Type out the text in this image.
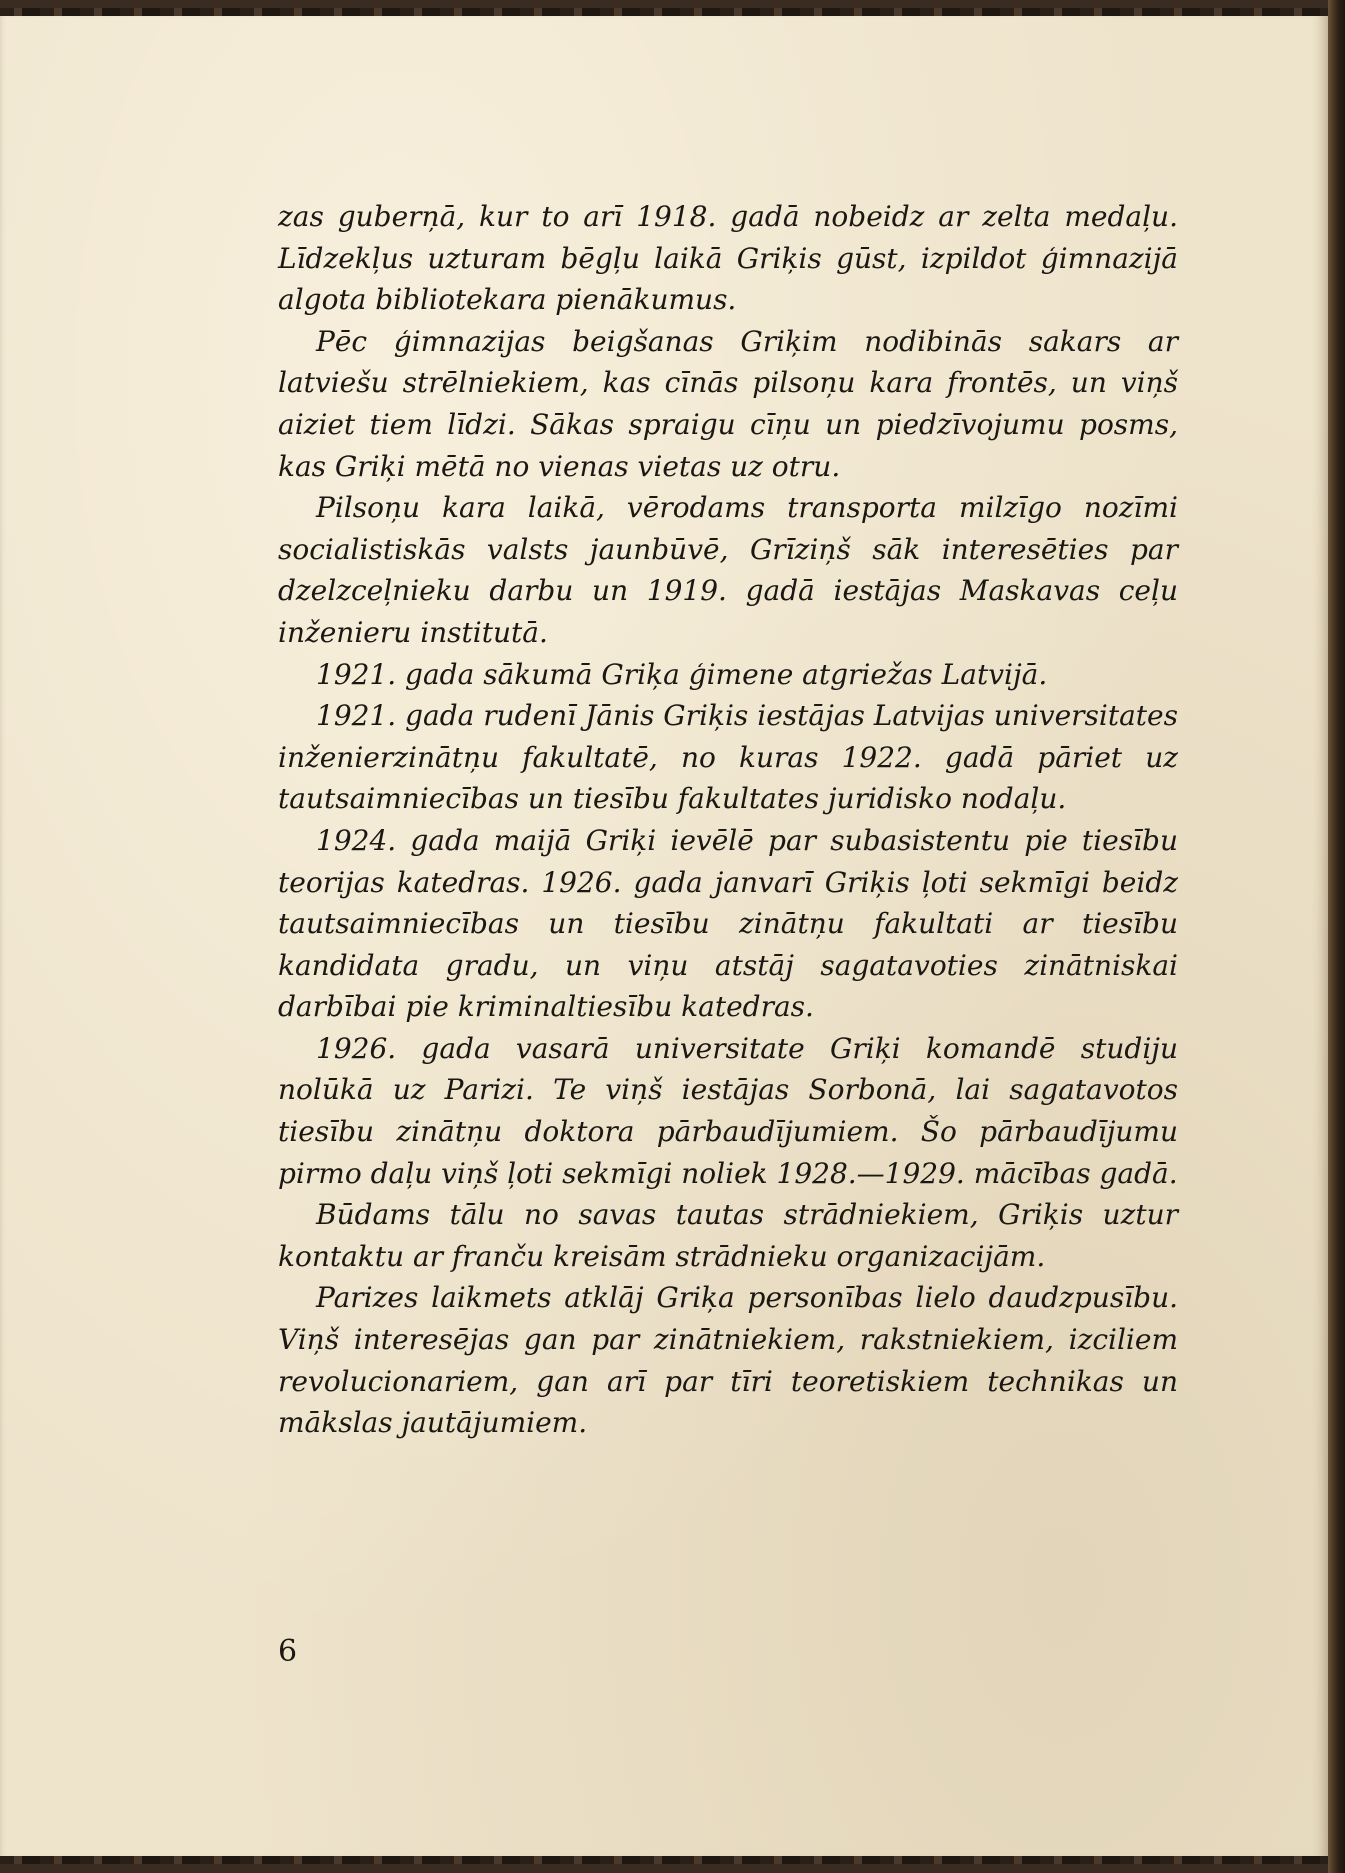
zas guberņā, kur to arī 1918. gadā nobeidz ar zelta medaļu. Līdzekļus uzturam bēgļu laikā Griķis gūst, izpildot ģimnazijā algota bibliotekara pienākumus.

Pēc ģimnazijas beigšanas Griķim nodibinās sakars ar latviešu strēlniekiem, kas cīnās pilsoņu kara frontēs, un viņš aiziet tiem līdzi. Sākas spraigu cīņu un piedzīvojumu posms, kas Griķi mētā no vienas vietas uz otru.

Pilsoņu kara laikā, vērodams transporta milzīgo nozīmi socialistiskās valsts jaunbūvē, Grīziņš sāk interesēties par dzelzceļnieku darbu un 1919. gadā iestājas Maskavas ceļu inženieru institutā.

1921. gada sākumā Griķa ģimene atgriežas Latvijā.

1921. gada rudenī Jānis Griķis iestājas Latvijas universitates inženierzinātņu fakultatē, no kuras 1922. gadā pāriet uz tautsaimniecības un tiesību fakultates juridisko nodaļu.

1924. gada maijā Griķi ievēlē par subasistentu pie tiesību teorijas katedras. 1926. gada janvarī Griķis ļoti sekmīgi beidz tautsaimniecības un tiesību zinātņu fakultati ar tiesību kandidata gradu, un viņu atstāj sagatavoties zinātniskai darbībai pie kriminaltiesību katedras.

1926. gada vasarā universitate Griķi komandē studiju nolūkā uz Parizi. Te viņš iestājas Sorbonā, lai sagatavotos tiesību zinātņu doktora pārbaudījumiem. Šo pārbaudījumu pirmo daļu viņš ļoti sekmīgi noliek 1928.—1929. mācības gadā.

Būdams tālu no savas tautas strādniekiem, Griķis uztur kontaktu ar franču kreisām strādnieku organizacijām.

Parizes laikmets atklāj Griķa personības lielo daudzpusību. Viņš interesējas gan par zinātniekiem, rakstniekiem, izciliem revolucionariem, gan arī par tīri teoretiskiem technikas un mākslas jautājumiem.

6
